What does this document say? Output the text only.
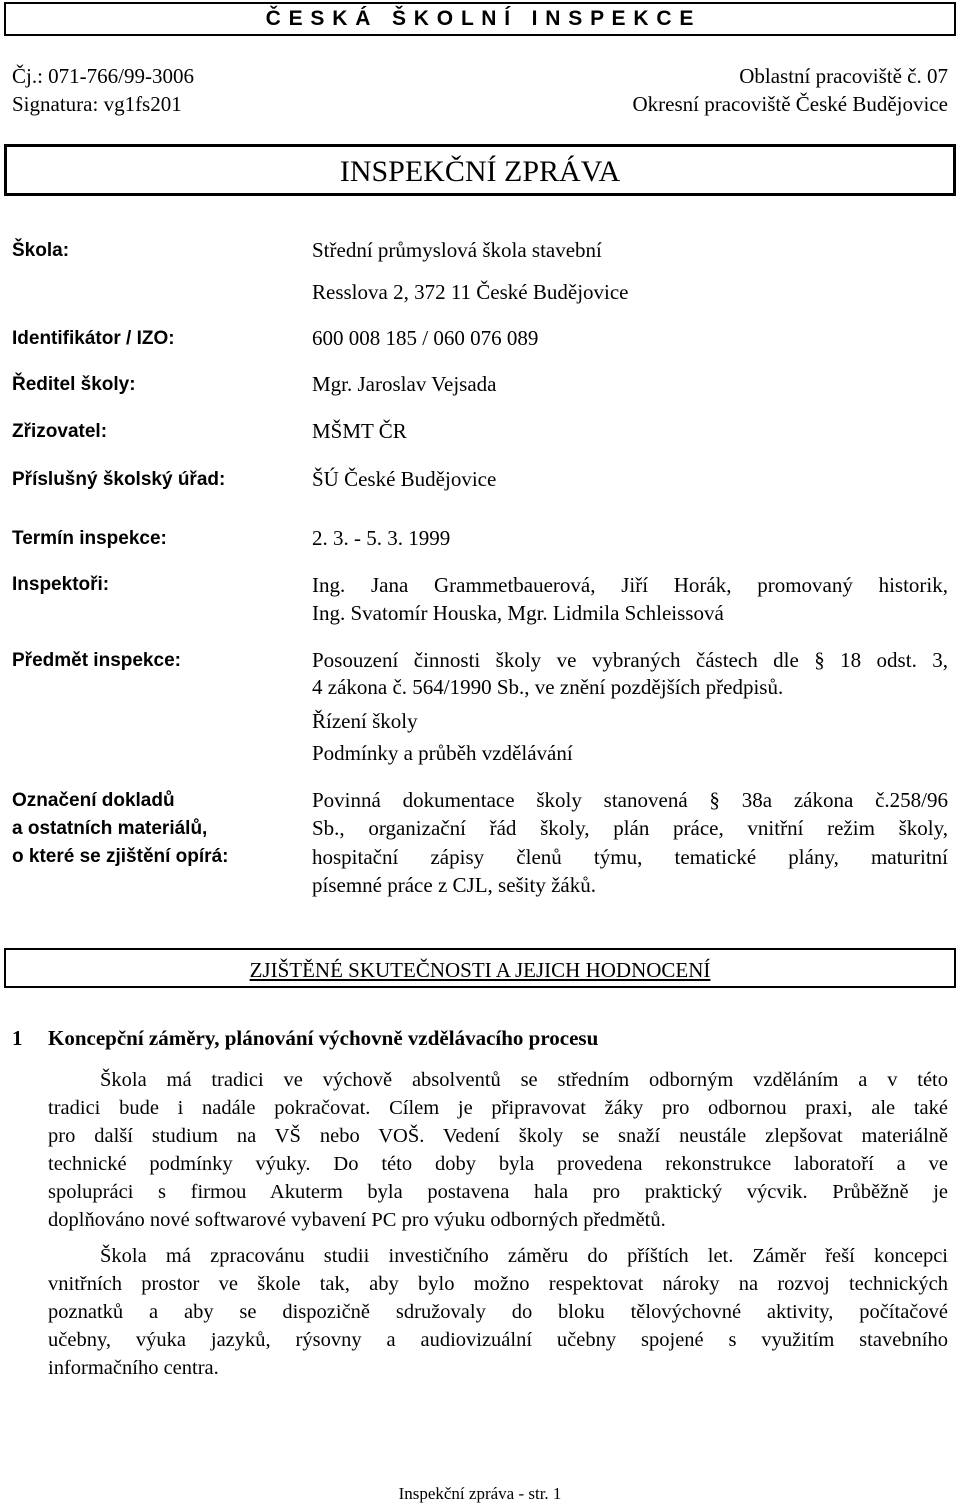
Č E S K Á   Š K O L N Í   I N S P E K C E
Čj.: 071-766/99-3006
Signatura: vg1fs201
Oblastní pracoviště č. 07
Okresní pracoviště České Budějovice
INSPEKČNÍ ZPRÁVA
Škola:	Střední průmyslová škola stavební
Resslova 2, 372 11 České Budějovice
Identifikátor / IZO:	600 008 185 / 060 076 089
Ředitel školy:	Mgr. Jaroslav Vejsada
Zřizovatel:	MŠMT ČR
Příslušný školský úřad:	ŠÚ České Budějovice
Termín inspekce:	2. 3. - 5. 3. 1999
Inspektoři:	Ing. Jana Grammetbauerová, Jiří Horák, promovaný historik,
Ing. Svatomír Houska, Mgr. Lidmila Schleissová
Předmět inspekce:	Posouzení činnosti školy ve vybraných částech dle § 18 odst. 3,
4 zákona č. 564/1990 Sb., ve znění pozdějších předpisů.
Řízení školy
Podmínky a průběh vzdělávání
Označení dokladů
a ostatních materiálů,
o které se zjištění opírá:
Povinná dokumentace školy stanovená § 38a zákona č.258/96
Sb., organizační řád školy, plán práce, vnitřní režim školy,
hospitační zápisy členů týmu, tematické plány, maturitní
písemné práce z CJL, sešity žáků.
ZJIŠTĚNÉ SKUTEČNOSTI A JEJICH HODNOCENÍ
1 Koncepční záměry, plánování výchovně vzdělávacího procesu

Škola má tradici ve výchově absolventů se středním odborným vzděláním a v této

tradici bude i nadále pokračovat. Cílem je připravovat žáky pro odbornou praxi, ale také

pro další studium na VŠ nebo VOŠ. Vedení školy se snaží neustále zlepšovat materiálně

technické podmínky výuky. Do této doby byla provedena rekonstrukce laboratoří a ve

spolupráci s firmou Akuterm byla postavena hala pro praktický výcvik. Průběžně je

doplňováno nové softwarové vybavení PC pro výuku odborných předmětů.

Škola má zpracovánu studii investičního záměru do příštích let. Záměr řeší koncepci

vnitřních prostor ve škole tak, aby bylo možno respektovat nároky na rozvoj technických

poznatků a aby se dispozičně sdružovaly do bloku tělovýchovné aktivity, počítačové

učebny, výuka jazyků, rýsovny a audiovizuální učebny spojené s využitím stavebního

informačního centra.

Inspekční zpráva - str. 1
